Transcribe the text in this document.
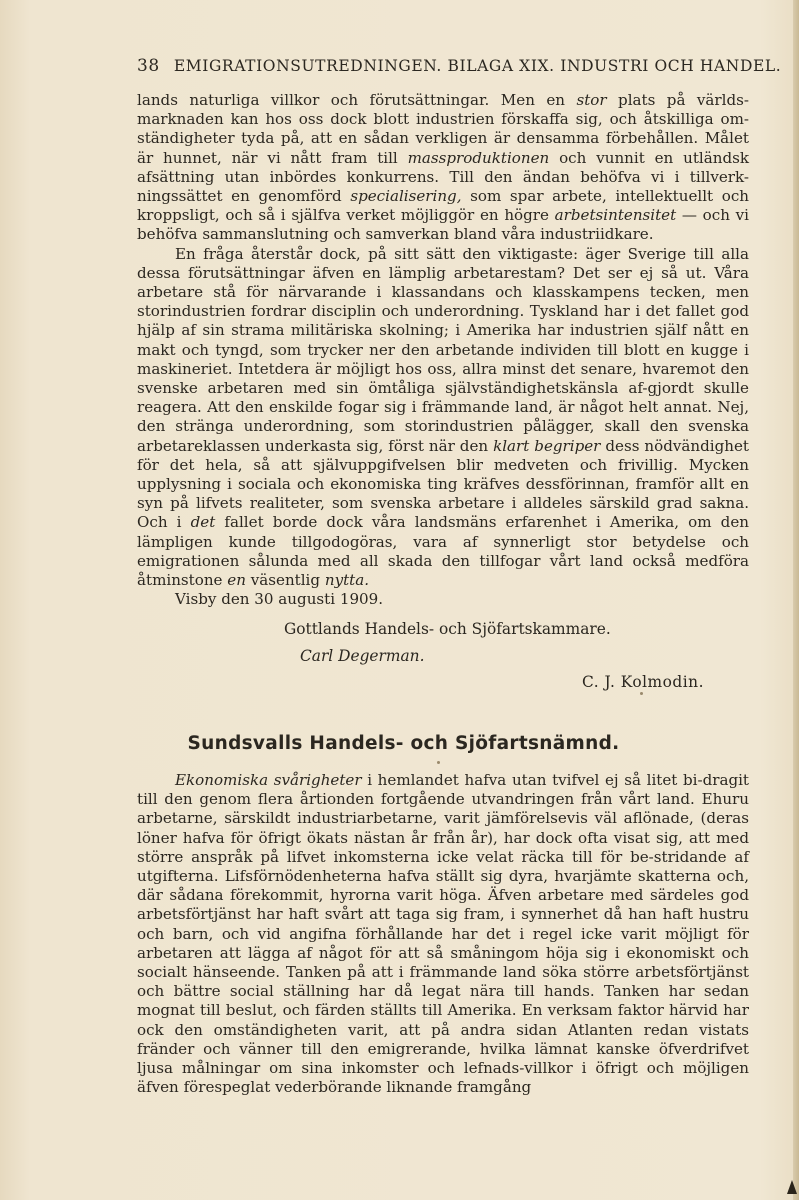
38 EMIGRATIONSUTREDNINGEN. BILAGA XIX. INDUSTRI OCH HANDEL.

lands naturliga villkor och förutsättningar. Men en stor plats på världs-marknaden kan hos oss dock blott industrien förskaffa sig, och åtskilliga om-ständigheter tyda på, att en sådan verkligen är densamma förbehållen. Målet är hunnet, när vi nått fram till massproduktionen och vunnit en utländsk afsättning utan inbördes konkurrens. Till den ändan behöfva vi i tillverk-ningssättet en genomförd specialisering, som spar arbete, intellektuellt och kroppsligt, och så i själfva verket möjliggör en högre arbetsintensitet — och vi behöfva sammanslutning och samverkan bland våra industriidkare.

En fråga återstår dock, på sitt sätt den viktigaste: äger Sverige till alla dessa förutsättningar äfven en lämplig arbetarestam? Det ser ej så ut. Våra arbetare stå för närvarande i klassandans och klasskampens tecken, men storindustrien fordrar disciplin och underordning. Tyskland har i det fallet god hjälp af sin strama militäriska skolning; i Amerika har industrien själf nått en makt och tyngd, som trycker ner den arbetande individen till blott en kugge i maskineriet. Intetdera är möjligt hos oss, allra minst det senare, hvaremot den svenske arbetaren med sin ömtåliga självständighetskänsla af-gjordt skulle reagera. Att den enskilde fogar sig i främmande land, är något helt annat. Nej, den stränga underordning, som storindustrien pålägger, skall den svenska arbetareklassen underkasta sig, först när den klart begriper dess nödvändighet för det hela, så att självuppgifvelsen blir medveten och frivillig. Mycken upplysning i sociala och ekonomiska ting kräfves dessförinnan, framför allt en syn på lifvets realiteter, som svenska arbetare i alldeles särskild grad sakna. Och i det fallet borde dock våra landsmäns erfarenhet i Amerika, om den lämpligen kunde tillgodogöras, vara af synnerligt stor betydelse och emigrationen sålunda med all skada den tillfogar vårt land också medföra åtminstone en väsentlig nytta.

Visby den 30 augusti 1909.

Gottlands Handels- och Sjöfartskammare.
Carl Degerman.
C. J. Kolmodin.
Sundsvalls Handels- och Sjöfartsnämnd.

Ekonomiska svårigheter i hemlandet hafva utan tvifvel ej så litet bi-dragit till den genom flera årtionden fortgående utvandringen från vårt land. Ehuru arbetarne, särskildt industriarbetarne, varit jämförelsevis väl aflönade, (deras löner hafva för öfrigt ökats nästan år från år), har dock ofta visat sig, att med större anspråk på lifvet inkomsterna icke velat räcka till för be-stridande af utgifterna. Lifsförnödenheterna hafva ställt sig dyra, hvarjämte skatterna och, där sådana förekommit, hyrorna varit höga. Äfven arbetare med särdeles god arbetsförtjänst har haft svårt att taga sig fram, i synnerhet då han haft hustru och barn, och vid angifna förhållande har det i regel icke varit möjligt för arbetaren att lägga af något för att så småningom höja sig i ekonomiskt och socialt hänseende. Tanken på att i främmande land söka större arbetsförtjänst och bättre social ställning har då legat nära till hands. Tanken har sedan mognat till beslut, och färden ställts till Amerika. En verksam faktor härvid har ock den omständigheten varit, att på andra sidan Atlanten redan vistats fränder och vänner till den emigrerande, hvilka lämnat kanske öfverdrifvet ljusa målningar om sina inkomster och lefnads-villkor i öfrigt och möjligen äfven förespeglat vederbörande liknande framgång
